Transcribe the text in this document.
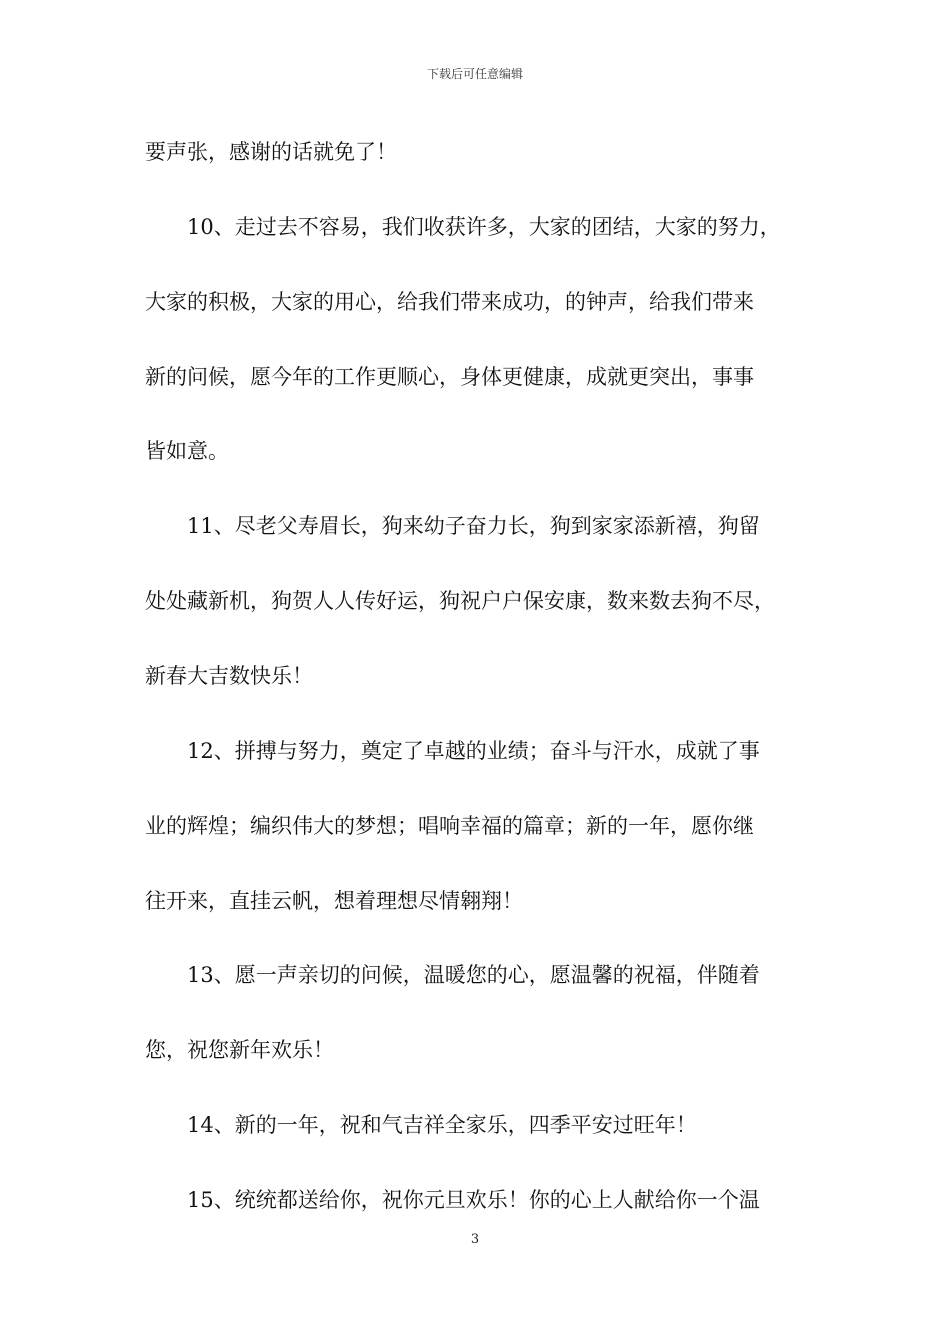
下载后可任意编辑
要声张，感谢的话就免了！
10、走过去不容易，我们收获许多，大家的团结，大家的努力，
大家的积极，大家的用心，给我们带来成功，的钟声，给我们带来
新的问候，愿今年的工作更顺心，身体更健康，成就更突出，事事
皆如意。
11、尽老父寿眉长，狗来幼子奋力长，狗到家家添新禧，狗留
处处藏新机，狗贺人人传好运，狗祝户户保安康，数来数去狗不尽，
新春大吉数快乐！
12、拼搏与努力，奠定了卓越的业绩；奋斗与汗水，成就了事
业的辉煌；编织伟大的梦想；唱响幸福的篇章；新的一年，愿你继
往开来，直挂云帆，想着理想尽情翱翔！
13、愿一声亲切的问候，温暖您的心，愿温馨的祝福，伴随着
您，祝您新年欢乐！
14、新的一年，祝和气吉祥全家乐，四季平安过旺年！
15、统统都送给你，祝你元旦欢乐！你的心上人献给你一个温
3
